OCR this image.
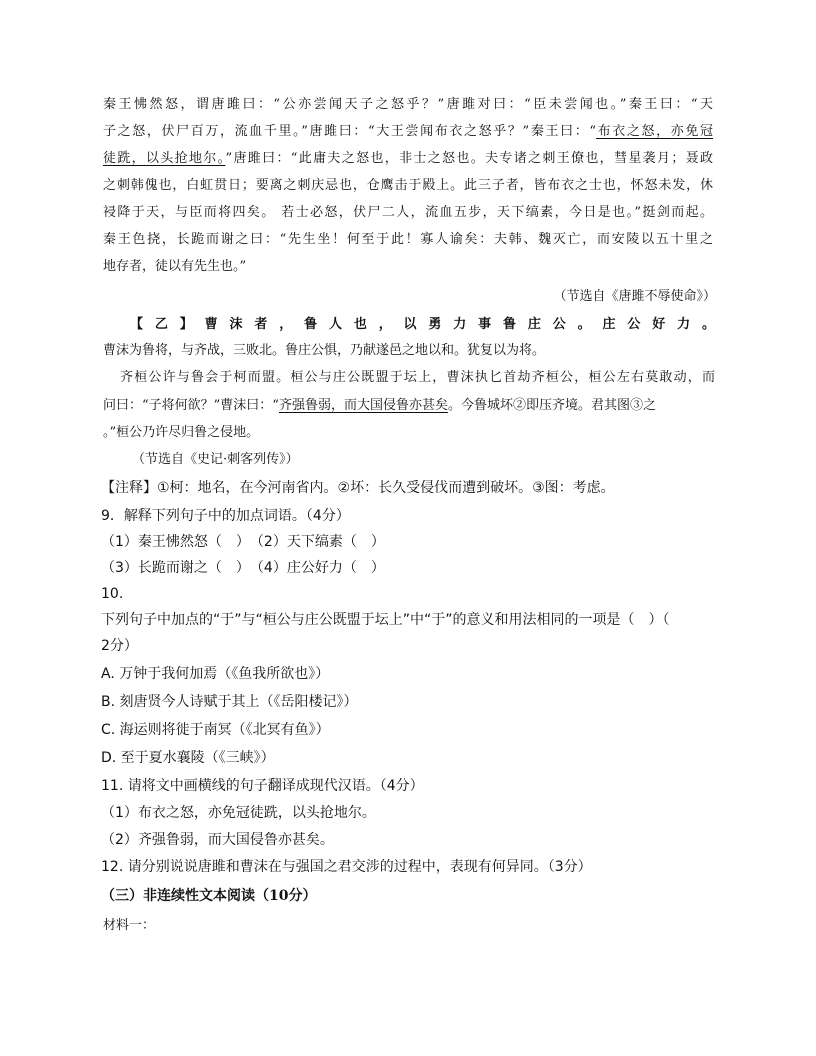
秦王怫然怒，谓唐雎曰：“公亦尝闻天子之怒乎？”唐雎对曰：“臣未尝闻也。”秦王曰：“天
子之怒，伏尸百万，流血千里。”唐雎曰：“大王尝闻布衣之怒乎？”秦王曰：“布衣之怒，亦免冠
徒跣，以头抢地尔。”唐雎曰：“此庸夫之怒也，非士之怒也。夫专诸之刺王僚也，彗星袭月；聂政
之刺韩傀也，白虹贯日；要离之刺庆忌也，仓鹰击于殿上。此三子者，皆布衣之士也，怀怒未发，休
祲降于天，与臣而将四矣。 若士必怒，伏尸二人，流血五步，天下缟素，今日是也。”挺剑而起。
秦王色挠，长跪而谢之曰：“先生坐！何至于此！寡人谕矣：夫韩、魏灭亡，而安陵以五十里之
地存者，徒以有先生也。”
（节选自《唐雎不辱使命》）
【 乙 】 曹 沫 者 ， 鲁 人 也 ， 以 勇 力 事 鲁 庄 公 。 庄 公 好 力 。
曹沫为鲁将，与齐战，三败北。鲁庄公惧，乃献遂邑之地以和。犹复以为将。
齐桓公许与鲁会于柯而盟。桓公与庄公既盟于坛上，曹沫执匕首劫齐桓公，桓公左右莫敢动，而
问曰：“子将何欲？”曹沫曰：“齐强鲁弱，而大国侵鲁亦甚矣。今鲁城坏②即压齐境。君其图③之
。”桓公乃许尽归鲁之侵地。
（节选自《史记·刺客列传》）
【注释】①柯：地名，在今河南省内。②坏：长久受侵伐而遭到破坏。③图：考虑。
9．解释下列句子中的加点词语。（4分）
（1）秦王怫然怒（　）　（2）天下缟素（　）
（3）长跪而谢之（　）　（4）庄公好力（　）
10.
下列句子中加点的“于”与“桓公与庄公既盟于坛上”中“于”的意义和用法相同的一项是（　）（
2分）
A. 万钟于我何加焉（《鱼我所欲也》）
B. 刻唐贤今人诗赋于其上（《岳阳楼记》）
C. 海运则将徙于南冥（《北冥有鱼》）
D. 至于夏水襄陵（《三峡》）
11. 请将文中画横线的句子翻译成现代汉语。（4分）
（1）布衣之怒，亦免冠徒跣，以头抢地尔。
（2）齐强鲁弱，而大国侵鲁亦甚矣。
12. 请分别说说唐雎和曹沫在与强国之君交涉的过程中，表现有何异同。（3分）
（三）非连续性文本阅读（10分）
材料一：
